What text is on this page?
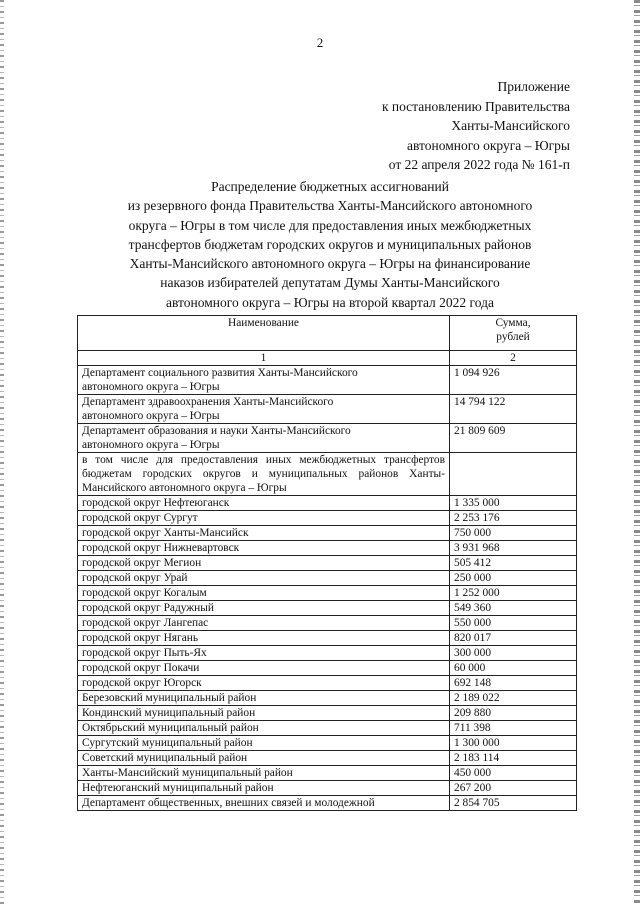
2
Приложение
к постановлению Правительства
Ханты-Мансийского
автономного округа – Югры
от 22 апреля 2022 года № 161-п
Распределение бюджетных ассигнований
из резервного фонда Правительства Ханты-Мансийского автономного
округа – Югры в том числе для предоставления иных межбюджетных
трансфертов бюджетам городских округов и муниципальных районов
Ханты-Мансийского автономного округа – Югры на финансирование
наказов избирателей депутатам Думы Ханты-Мансийского
автономного округа – Югры на второй квартал 2022 года
Наименование	Сумма,
рублей
1	2
Департамент социального развития Ханты-Мансийского
автономного округа – Югры	1 094 926
Департамент здравоохранения Ханты-Мансийского
автономного округа – Югры	14 794 122
Департамент образования и науки Ханты-Мансийского
автономного округа – Югры	21 809 609
в том числе для предоставления иных межбюджетных трансфертов бюджетам городских округов и муниципальных районов Ханты-Мансийского автономного округа – Югры	
городской округ Нефтеюганск	1 335 000
городской округ Сургут	2 253 176
городской округ Ханты-Мансийск	750 000
городской округ Нижневартовск	3 931 968
городской округ Мегион	505 412
городской округ Урай	250 000
городской округ Когалым	1 252 000
городской округ Радужный	549 360
городской округ Лангепас	550 000
городской округ Нягань	820 017
городской округ Пыть-Ях	300 000
городской округ Покачи	60 000
городской округ Югорск	692 148
Березовский муниципальный район	2 189 022
Кондинский муниципальный район	209 880
Октябрьский муниципальный район	711 398
Сургутский муниципальный район	1 300 000
Советский муниципальный район	2 183 114
Ханты-Мансийский муниципальный район	450 000
Нефтеюганский муниципальный район	267 200
Департамент общественных, внешних связей и молодежной	2 854 705
